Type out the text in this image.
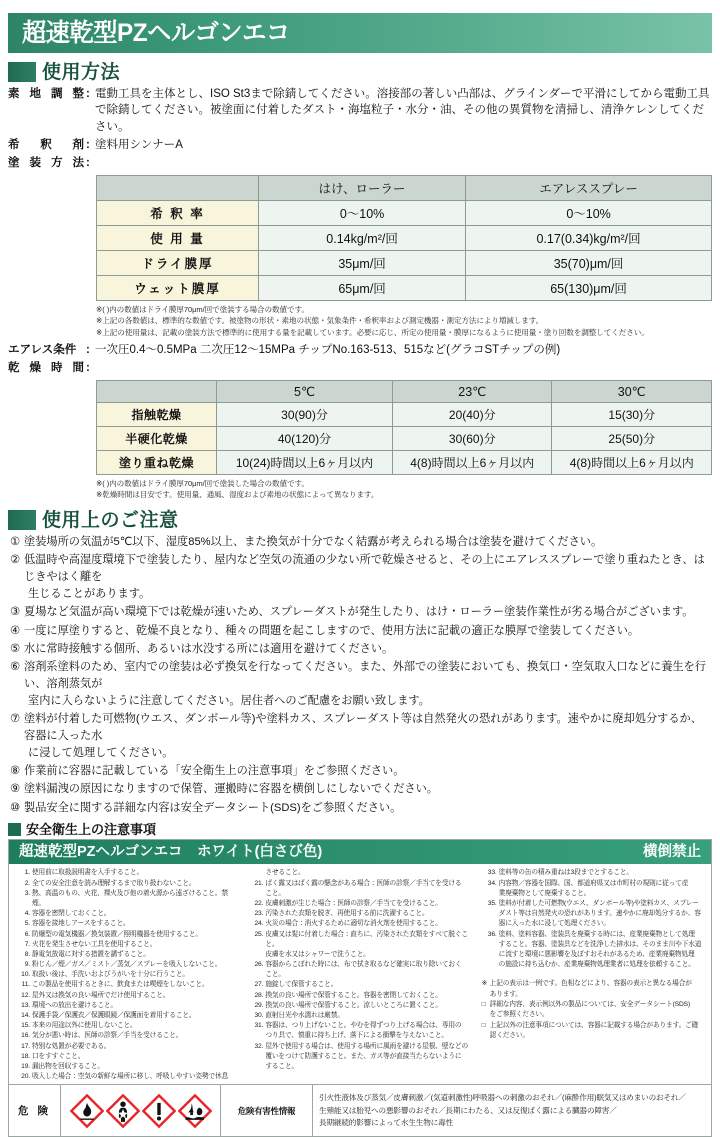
超速乾型PZヘルゴンエコ
使用方法
素 地 調 整 : 電動工具を主体とし、ISO St3まで除錆してください。溶接部の著しい凸部は、グラインダーで平滑にしてから電動工具
で除錆してください。被塗面に付着したダスト・海塩粒子・水分・油、その他の異質物を清掃し、清浄ケレンしてください。
希 釈 剤 : 塗料用シンナーA
塗 装 方 法 :
	はけ、ローラー	エアレススプレー
希 釈 率	0〜10%	0〜10%
使 用 量	0.14kg/m²/回	0.17(0.34)kg/m²/回
ドライ膜厚	35μm/回	35(70)μm/回
ウェット膜厚	65μm/回	65(130)μm/回
※( )内の数値はドライ膜厚70μm/回で塗装する場合の数値です。
※上記の各数値は、標準的な数値です。被塗物の形状・素地の状態・気象条件・希釈率および測定機器・測定方法により増減します。
※上記の使用量は、記載の塗装方法で標準的に使用する量を記載しています。必要に応じ、所定の使用量・膜厚になるように使用量・塗り回数を調整してください。
エアレス条件 : 一次圧0.4〜0.5MPa 二次圧12〜15MPa チップNo.163-513、515など(グラコSTチップの例)
乾 燥 時 間 :
	5℃	23℃	30℃
指触乾燥	30(90)分	20(40)分	15(30)分
半硬化乾燥	40(120)分	30(60)分	25(50)分
塗り重ね乾燥	10(24)時間以上6ヶ月以内	4(8)時間以上6ヶ月以内	4(8)時間以上6ヶ月以内
※( )内の数値はドライ膜厚70μm/回で塗装した場合の数値です。
※乾燥時間は目安です。使用量、通風、湿度および素地の状態によって異なります。
使用上のご注意
① 塗装場所の気温が5℃以下、湿度85%以上、また換気が十分でなく結露が考えられる場合は塗装を避けてください。
② 低温時や高湿度環境下で塗装したり、屋内など空気の流通の少ない所で乾燥させると、その上にエアレススプレーで塗り重ねたとき、はじきやはく離を
生じることがあります。
③ 夏場など気温が高い環境下では乾燥が速いため、スプレーダストが発生したり、はけ・ローラー塗装作業性が劣る場合がございます。
④ 一度に厚塗りすると、乾燥不良となり、種々の問題を起こしますので、使用方法に記載の適正な膜厚で塗装してください。
⑤ 水に常時接触する個所、あるいは水没する所には適用を避けてください。
⑥ 溶剤系塗料のため、室内での塗装は必ず換気を行なってください。また、外部での塗装においても、換気口・空気取入口などに養生を行い、溶剤蒸気が
室内に入らないように注意してください。居住者へのご配慮をお願い致します。
⑦ 塗料が付着した可燃物(ウエス、ダンボール等)や塗料カス、スプレーダスト等は自然発火の恐れがあります。速やかに廃却処分するか、容器に入った水
に浸して処理してください。
⑧ 作業前に容器に記載している「安全衛生上の注意事項」をご参照ください。
⑨ 塗料漏洩の原因になりますので保管、運搬時に容器を横倒しにしないでください。
⑩ 製品安全に関する詳細な内容は安全データシート(SDS)をご参照ください。
安全衛生上の注意事項
超速乾型PZヘルゴンエコ　ホワイト(白さび色)	横倒禁止
1. 使用前に取扱説明書を入手すること。
2. 全ての安全注意を読み理解するまで取り扱わないこと。
3. 熱、高温のもの、火花、裸火及び他の着火源から遠ざけること。禁煙。
4. 容器を密閉しておくこと。
5. 容器を接地しアースをすること。
6. 防爆型の電気機器／換気装置／照明機器を使用すること。
7. 火花を発生させない工具を使用すること。
8. 静電気放電に対する措置を講ずること。
9. 粉じん／煙／ガス／ミスト／蒸気／スプレーを吸入しないこと。
10. 取扱い後は、手洗いおよびうがいを十分に行うこと。
11. この製品を使用するときに、飲食または喫煙をしないこと。
12. 屋外又は換気の良い場所でだけ使用すること。
13. 環境への放出を避けること。
14. 保護手袋／保護衣／保護眼鏡／保護面を着用すること。
15. 本来の用途以外に使用しないこと。
16. 気分が悪い時は、医師の診察／手当を受けること。
17. 特別な処置が必要である。
18. 口をすすぐこと。
19. 漏出物を回収すること。
20. 吸入した場合：空気の新鮮な場所に移し、呼吸しやすい姿勢で休息
させること。
21. ばく露又はばく露の懸念がある場合：医師の診察／手当てを受ける
こと。
22. 皮膚刺激が生じた場合：医師の診察／手当てを受けること。
23. 汚染された衣類を脱ぎ、再使用する前に洗濯すること。
24. 火災の場合：消火するために適切な消火剤を使用すること。
25. 皮膚又は髪に付着した場合：直ちに、汚染された衣類をすべて脱ぐこと。
皮膚を水又はシャワーで洗うこと。
26. 容器からこぼれた時には、布で拭き取るなど確実に取り除いておく
こと。
27. 施錠して保管すること。
28. 換気の良い場所で保管すること。容器を密閉しておくこと。
29. 換気の良い場所で保管すること。涼しいところに置くこと。
30. 直射日光や水濡れは厳禁。
31. 容器は、つり上げないこと。やむを得ずつり上げる場合は、専用の
つり具で、慎重に持ち上げ、落下による衝撃を与えないこと。
32. 屋外で使用する場合は、使用する場所に風雨を避ける屋根、壁などの
覆いをつけて防護すること。また、ガス等が直接当たらないように
すること。
33. 塗料等の缶の積み重ねは3段までとすること。
34. 内容物／容器を国際、国、都道府県又は市町村の規則に従って産
業廃棄物として廃棄すること。
35. 塗料が付着した可燃物(ウエス、ダンボール等)や塗料カス、スプレー
ダスト等は自然発火の恐れがあります。速やかに廃却処分するか、容
器に入った水に浸して処理ください。
36. 塗料、塗料容器、塗装具を廃棄する時には、産業廃棄物として処理
すること。容器、塗装具などを洗浄した排水は、そのまま川や下水道
に流すと環境に悪影響を及ぼすおそれがあるため、産業廃棄物処理
の施設に持ち込むか、産業廃棄物処理業者に処理を依頼すること。
※ 上記の表示は一例です。色相などにより、容器の表示と異なる場合が
あります。
□ 詳細な内容、表示例以外の製品については、安全データシート(SDS)
をご参照ください。
□ 上記以外の注意事項については、容器に記載する場合があります。ご確
認ください。
危 険	危険有害性情報
引火性液体及び蒸気／皮膚刺激／(気道刺激性)呼吸器への刺激のおそれ／(麻酔作用)眠気又はめまいのおそれ／
生殖能又は胎児への悪影響のおそれ／長期にわたる、又は反復ばく露による臓器の障害／
長期継続的影響によって水生生物に毒性
